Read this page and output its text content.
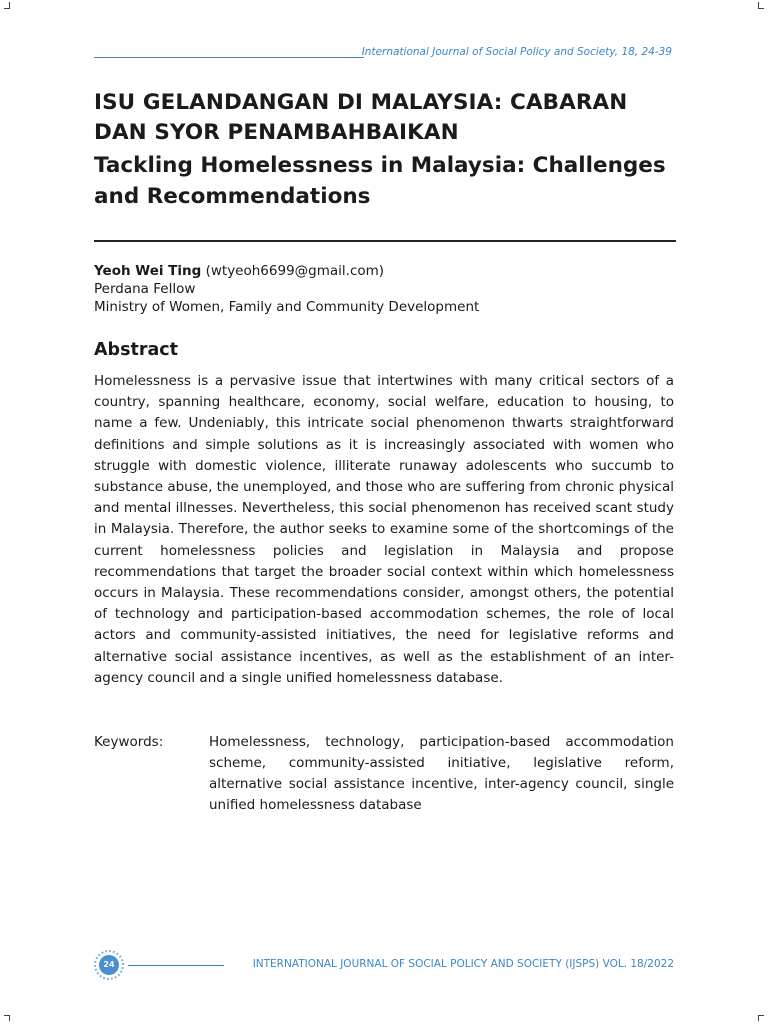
International Journal of Social Policy and Society, 18, 24-39
ISU GELANDANGAN DI MALAYSIA: CABARAN
DAN SYOR PENAMBAHBAIKAN
Tackling Homelessness in Malaysia: Challenges
and Recommendations
Yeoh Wei Ting (wtyeoh6699@gmail.com)
Perdana Fellow
Ministry of Women, Family and Community Development
Abstract
Homelessness is a pervasive issue that intertwines with many critical sectors of a country, spanning healthcare, economy, social welfare, education to housing, to name a few. Undeniably, this intricate social phenomenon thwarts straightforward definitions and simple solutions as it is increasingly associated with women who struggle with domestic violence, illiterate runaway adolescents who succumb to substance abuse, the unemployed, and those who are suffering from chronic physical and mental illnesses. Nevertheless, this social phenomenon has received scant study in Malaysia. Therefore, the author seeks to examine some of the shortcomings of the current homelessness policies and legislation in Malaysia and propose recommendations that target the broader social context within which homelessness occurs in Malaysia. These recommendations consider, amongst others, the potential of technology and participation-based accommodation schemes, the role of local actors and community-assisted initiatives, the need for legislative reforms and alternative social assistance incentives, as well as the establishment of an inter-agency council and a single unified homelessness database.
Keywords:	Homelessness, technology, participation-based accommodation scheme, community-assisted initiative, legislative reform, alternative social assistance incentive, inter-agency council, single unified homelessness database
24	INTERNATIONAL JOURNAL OF SOCIAL POLICY AND SOCIETY (IJSPS) VOL. 18/2022
